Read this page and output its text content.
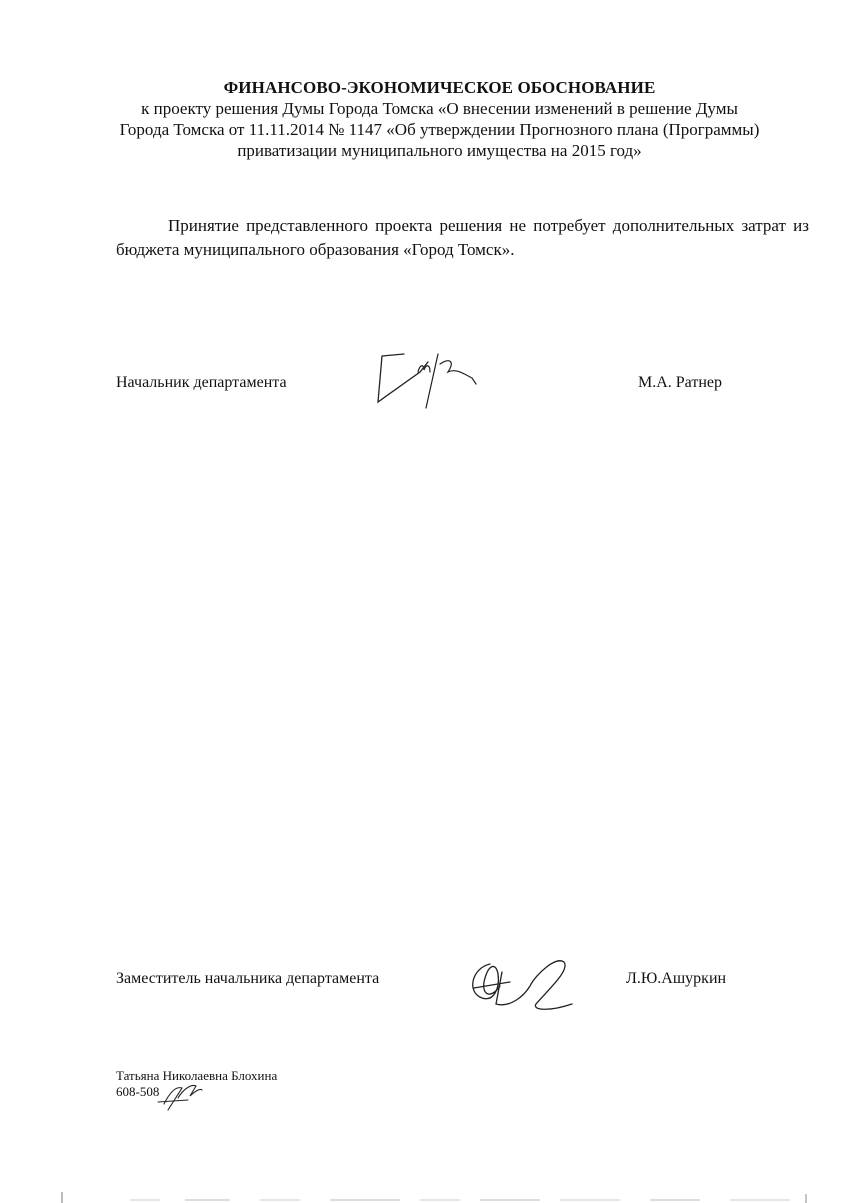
ФИНАНСОВО-ЭКОНОМИЧЕСКОЕ ОБОСНОВАНИЕ

к проекту решения Думы Города Томска «О внесении изменений в решение Думы

Города Томска от 11.11.2014 № 1147 «Об утверждении Прогнозного плана (Программы)

приватизации муниципального имущества на 2015 год»

Принятие представленного проекта решения не потребует дополнительных затрат из
бюджета муниципального образования «Город Томск».

Начальник департамента	М.А. Ратнер

Заместитель начальника департамента	Л.Ю.Ашуркин

Татьяна Николаевна Блохина

608-508
